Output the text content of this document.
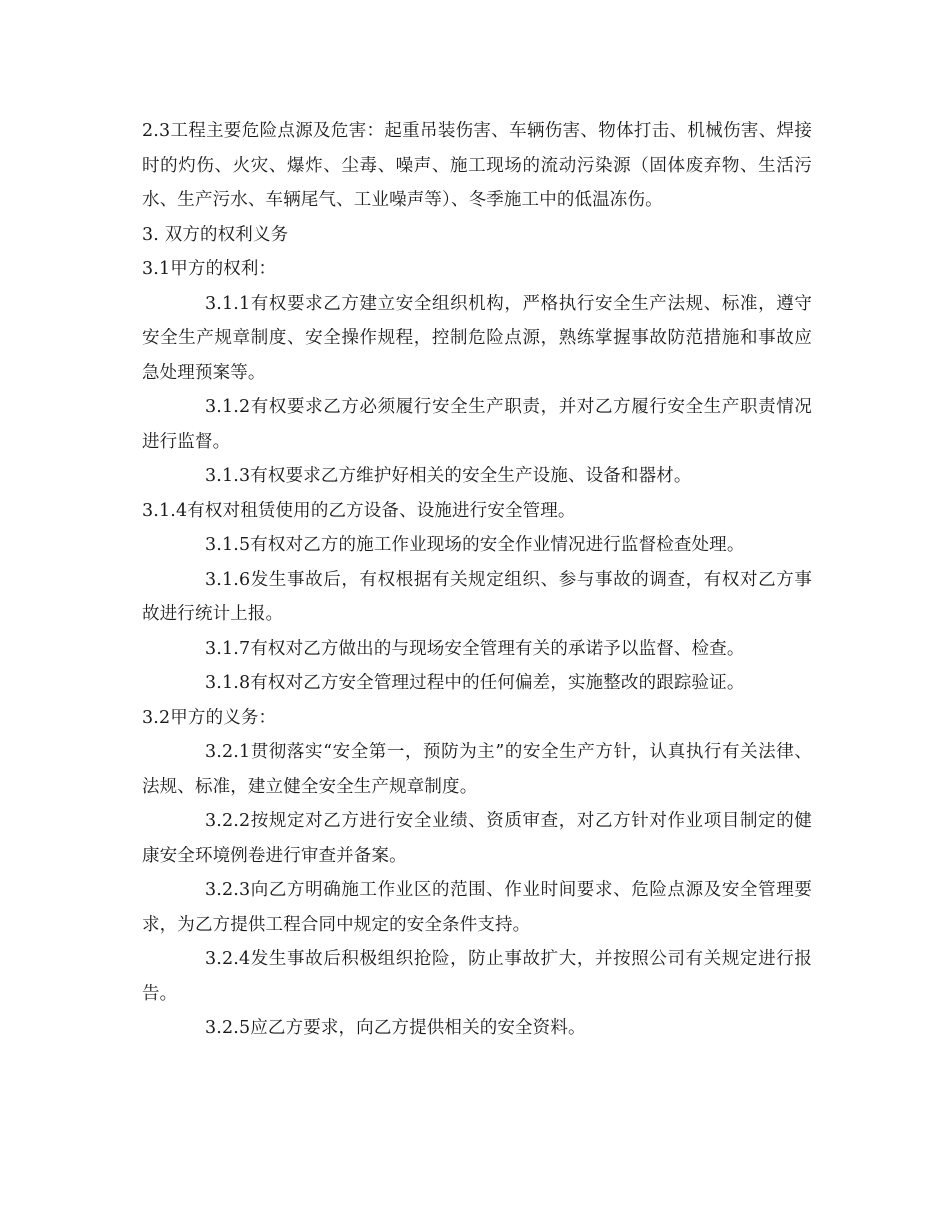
2.3工程主要危险点源及危害：起重吊装伤害、车辆伤害、物体打击、机械伤害、焊接时的灼伤、火灾、爆炸、尘毒、噪声、施工现场的流动污染源（固体废弃物、生活污水、生产污水、车辆尾气、工业噪声等）、冬季施工中的低温冻伤。

3. 双方的权利义务

3.1甲方的权利：

3.1.1有权要求乙方建立安全组织机构，严格执行安全生产法规、标准，遵守安全生产规章制度、安全操作规程，控制危险点源，熟练掌握事故防范措施和事故应急处理预案等。

3.1.2有权要求乙方必须履行安全生产职责，并对乙方履行安全生产职责情况进行监督。

3.1.3有权要求乙方维护好相关的安全生产设施、设备和器材。

3.1.4有权对租赁使用的乙方设备、设施进行安全管理。

3.1.5有权对乙方的施工作业现场的安全作业情况进行监督检查处理。

3.1.6发生事故后，有权根据有关规定组织、参与事故的调查，有权对乙方事故进行统计上报。

3.1.7有权对乙方做出的与现场安全管理有关的承诺予以监督、检查。

3.1.8有权对乙方安全管理过程中的任何偏差，实施整改的跟踪验证。

3.2甲方的义务：

3.2.1贯彻落实“安全第一，预防为主”的安全生产方针，认真执行有关法律、法规、标准，建立健全安全生产规章制度。

3.2.2按规定对乙方进行安全业绩、资质审查，对乙方针对作业项目制定的健康安全环境例卷进行审查并备案。

3.2.3向乙方明确施工作业区的范围、作业时间要求、危险点源及安全管理要求，为乙方提供工程合同中规定的安全条件支持。

3.2.4发生事故后积极组织抢险，防止事故扩大，并按照公司有关规定进行报告。

3.2.5应乙方要求，向乙方提供相关的安全资料。
